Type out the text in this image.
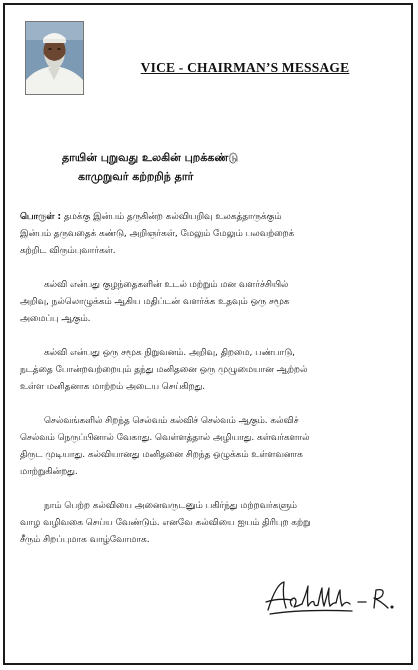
VICE - CHAIRMAN’S MESSAGE
தாயின் புறுவது உலகின் புறக்கண்டு
காமுறுவர் கற்றறிந் தார்
பொருள் : தமக்கு இன்பம் தருகின்ற கல்வியறிவு உலகத்தாருக்கும்
இன்பம் தருவதைக் கண்டு, அறிஞர்கள், மேலும் மேலும் பலவற்றைக்
கற்றிட விரும்புவார்கள்.
கல்வி என்பது குழந்தைகளின் உடல் மற்றும் மன வளர்ச்சியில்
அறிவு, நல்லொழுக்கம் ஆகிய மதிப்டன் வளர்க்க உதவும் ஒரு சமூக
அமைப்பு ஆகும்.
கல்வி என்பது ஒரு சமூக நிறுவனம். அறிவு, திறமை, பண்பாடு,
நடத்தை போன்றவற்றையும் தந்து மனிதனை ஒரு முழுமையான ஆற்றல்
உள்ள மனிதனாக மாற்றம் அடைய செய்கிறது.
செல்வங்களில் சிறந்த செல்வம் கல்விச் செல்வம் ஆகும். கல்விச்
செல்வம் நெருப்பினால் வேகாது. வெள்ளத்தால் அழியாது. கள்வர்களால்
திருட முடியாது. கல்வியானது மனிதனை சிறந்த ஒழுக்கம் உள்ளவனாக
மாற்றுகின்றது.
நாம் பெற்ற கல்வியை அனைவருடனும் பகிர்ந்து மற்றவர்களும்
வாழ வழிவகை செய்ய வேண்டும். எனவே கல்வியை ஐயம் திரிபுற கற்று
சீரும் சிறப்புமாக வாழ்வோமாக.
